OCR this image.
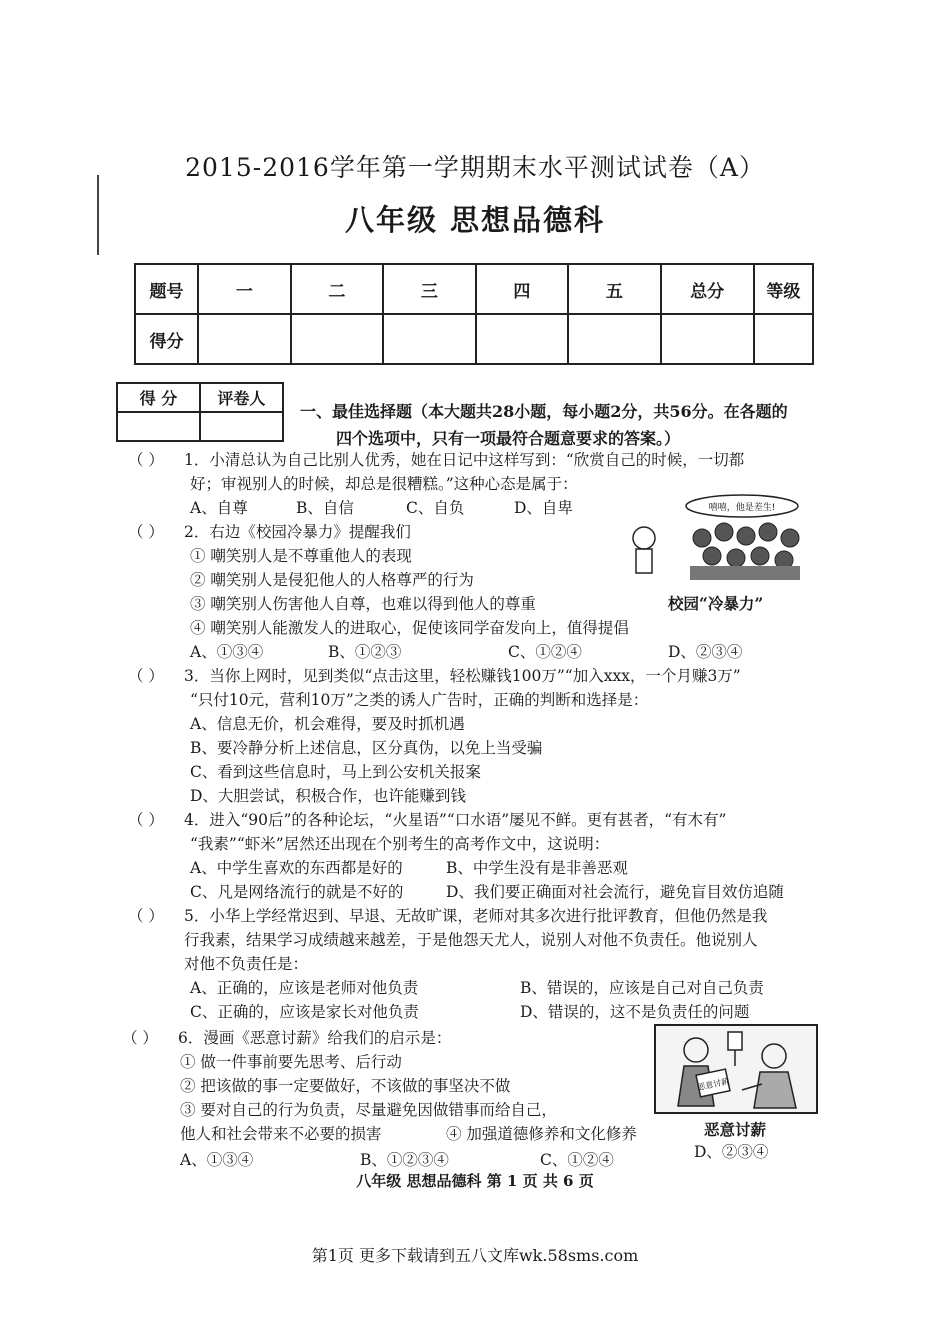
2015-2016学年第一学期期末水平测试试卷（A）
八年级 思想品德科
题号	一	二	三	四	五	总分	等级
得分							
得 分	评卷人

一、最佳选择题（本大题共28小题，每小题2分，共56分。在各题的
四个选项中，只有一项最符合题意要求的答案。）
（ ） 1．小清总认为自己比别人优秀，她在日记中这样写到：“欣赏自己的时候，一切都
好；审视别人的时候，却总是很糟糕。”这种心态是属于：
A、自尊	B、自信	C、自负	D、自卑
（ ） 2．右边《校园冷暴力》提醒我们
① 嘲笑别人是不尊重他人的表现
② 嘲笑别人是侵犯他人的人格尊严的行为
③ 嘲笑别人伤害他人自尊，也难以得到他人的尊重
④ 嘲笑别人能激发人的进取心，促使该同学奋发向上，值得提倡
A、①③④	B、①②③	C、①②④	D、②③④
嘻嘻，他是差生!
校园“冷暴力”
（ ） 3．当你上网时，见到类似“点击这里，轻松赚钱100万”“加入xxx，一个月赚3万”
“只付10元，营利10万”之类的诱人广告时，正确的判断和选择是：
A、信息无价，机会难得，要及时抓机遇
B、要冷静分析上述信息，区分真伪，以免上当受骗
C、看到这些信息时，马上到公安机关报案
D、大胆尝试，积极合作，也许能赚到钱
（ ） 4．进入“90后”的各种论坛，“火星语”“口水语”屡见不鲜。更有甚者，“有木有”
“我素”“虾米”居然还出现在个别考生的高考作文中，这说明：
A、中学生喜欢的东西都是好的	B、中学生没有是非善恶观
C、凡是网络流行的就是不好的	D、我们要正确面对社会流行，避免盲目效仿追随
（ ） 5．小华上学经常迟到、早退、无故旷课，老师对其多次进行批评教育，但他仍然是我
行我素，结果学习成绩越来越差，于是他怨天尤人，说别人对他不负责任。他说别人
对他不负责任是：
A、正确的，应该是老师对他负责	B、错误的，应该是自己对自己负责
C、正确的，应该是家长对他负责	D、错误的，这不是负责任的问题
（ ） 6．漫画《恶意讨薪》给我们的启示是：
① 做一件事前要先思考、后行动
② 把该做的事一定要做好，不该做的事坚决不做
③ 要对自己的行为负责，尽量避免因做错事而给自己，
他人和社会带来不必要的损害	④ 加强道德修养和文化修养
A、①③④	B、①②③④	C、①②④	D、②③④
恶意讨薪
恶意讨薪
八年级 思想品德科 第 1 页 共 6 页
第1页 更多下载请到五八文库wk.58sms.com
